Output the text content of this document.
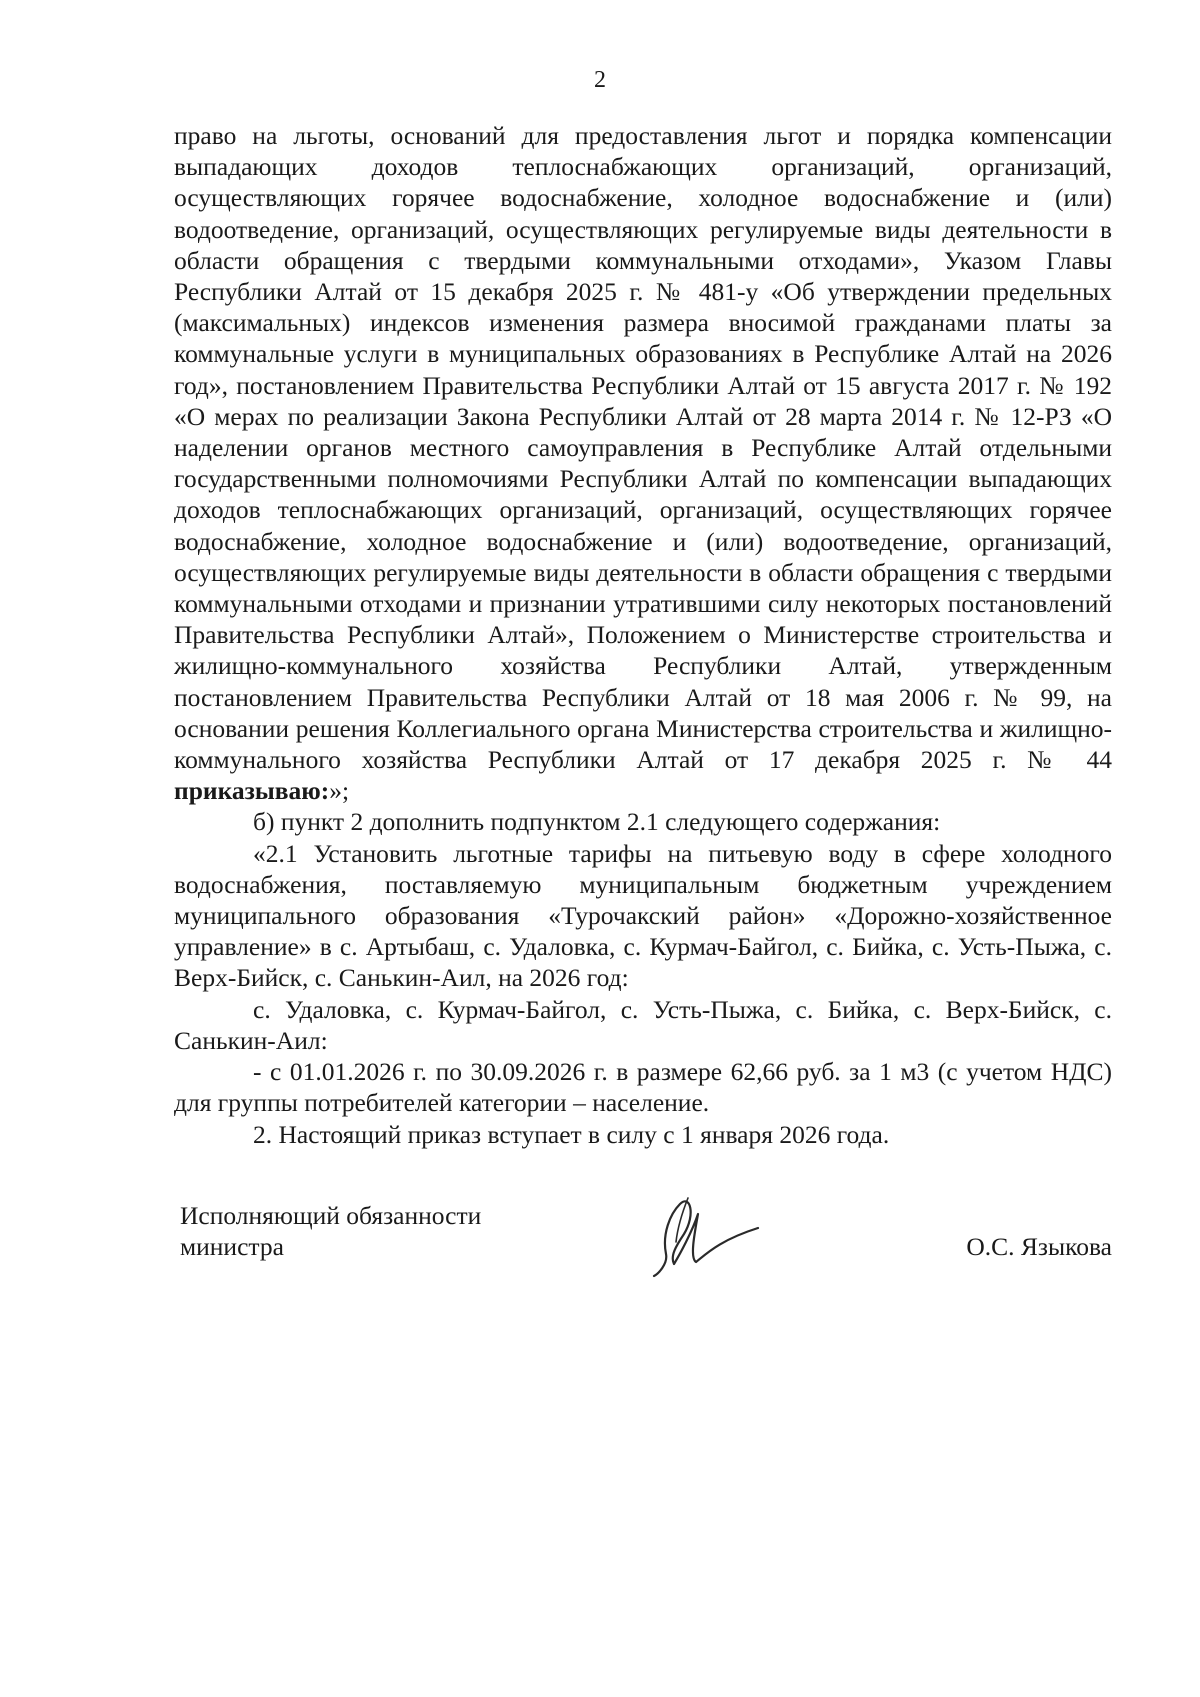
2

право на льготы, оснований для предоставления льгот и порядка компенсации выпадающих доходов теплоснабжающих организаций, организаций, осуществляющих горячее водоснабжение, холодное водоснабжение и (или) водоотведение, организаций, осуществляющих регулируемые виды деятельности в области обращения с твердыми коммунальными отходами», Указом Главы Республики Алтай от 15 декабря 2025 г. № 481-у «Об утверждении предельных (максимальных) индексов изменения размера вносимой гражданами платы за коммунальные услуги в муниципальных образованиях в Республике Алтай на 2026 год», постановлением Правительства Республики Алтай от 15 августа 2017 г. № 192 «О мерах по реализации Закона Республики Алтай от 28 марта 2014 г. № 12-РЗ «О наделении органов местного самоуправления в Республике Алтай отдельными государственными полномочиями Республики Алтай по компенсации выпадающих доходов теплоснабжающих организаций, организаций, осуществляющих горячее водоснабжение, холодное водоснабжение и (или) водоотведение, организаций, осуществляющих регулируемые виды деятельности в области обращения с твердыми коммунальными отходами и признании утратившими силу некоторых постановлений Правительства Республики Алтай», Положением о Министерстве строительства и жилищно-коммунального хозяйства Республики Алтай, утвержденным постановлением Правительства Республики Алтай от 18 мая 2006 г. № 99, на основании решения Коллегиального органа Министерства строительства и жилищно-коммунального хозяйства Республики Алтай от 17 декабря 2025 г. № 44 приказываю:»;

б) пункт 2 дополнить подпунктом 2.1 следующего содержания:

«2.1 Установить льготные тарифы на питьевую воду в сфере холодного водоснабжения, поставляемую муниципальным бюджетным учреждением муниципального образования «Турочакский район» «Дорожно-хозяйственное управление» в с. Артыбаш, с. Удаловка, с. Курмач-Байгол, с. Бийка, с. Усть-Пыжа, с. Верх-Бийск, с. Санькин-Аил, на 2026 год:

с. Удаловка, с. Курмач-Байгол, с. Усть-Пыжа, с. Бийка, с. Верх-Бийск, с. Санькин-Аил:

- с 01.01.2026 г. по 30.09.2026 г. в размере 62,66 руб. за 1 м3 (с учетом НДС) для группы потребителей категории – население.

2. Настоящий приказ вступает в силу с 1 января 2026 года.

Исполняющий обязанности
министра	О.С. Языкова
